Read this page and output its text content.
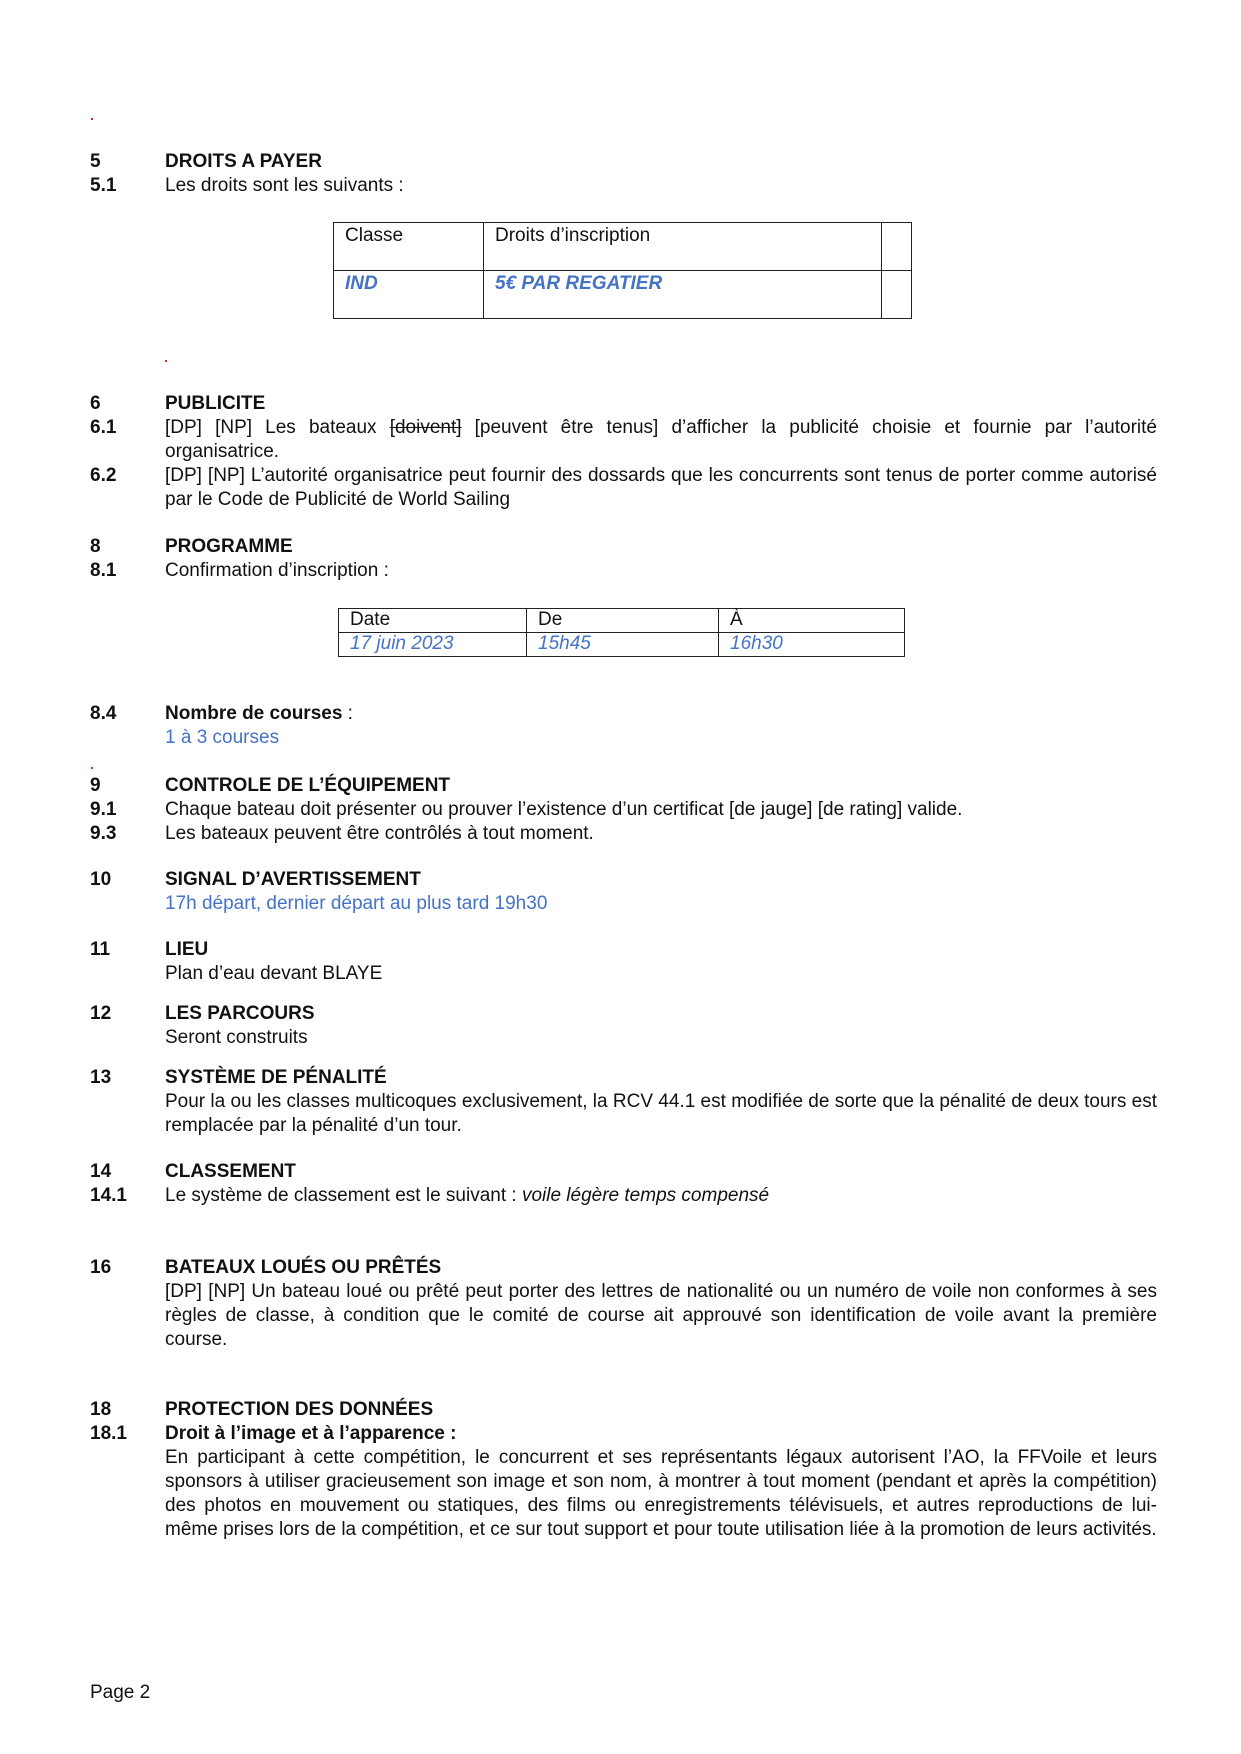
5	DROITS A PAYER
5.1	Les droits sont les suivants :
Classe	Droits d’inscription	
IND	5€ PAR REGATIER	
6	PUBLICITE
6.1	[DP] [NP] Les bateaux [doivent] [peuvent être tenus] d’afficher la publicité choisie et fournie par l’autorité organisatrice.
6.2	[DP] [NP] L’autorité organisatrice peut fournir des dossards que les concurrents sont tenus de porter comme autorisé par le Code de Publicité de World Sailing
8	PROGRAMME
8.1	Confirmation d’inscription :
Date	De	À
17 juin 2023	15h45	16h30
8.4	Nombre de courses :
1 à 3 courses
9	CONTROLE DE L’ÉQUIPEMENT
9.1	Chaque bateau doit présenter ou prouver l’existence d’un certificat [de jauge] [de rating] valide.
9.3	Les bateaux peuvent être contrôlés à tout moment.
10	SIGNAL D’AVERTISSEMENT
17h départ, dernier départ au plus tard 19h30
11	LIEU
Plan d’eau devant BLAYE
12	LES PARCOURS
Seront construits
13	SYSTÈME DE PÉNALITÉ
Pour la ou les classes multicoques exclusivement, la RCV 44.1 est modifiée de sorte que la pénalité de deux tours est remplacée par la pénalité d’un tour.
14	CLASSEMENT
14.1 Le système de classement est le suivant : voile légère temps compensé
16	BATEAUX LOUÉS OU PRÊTÉS
[DP] [NP] Un bateau loué ou prêté peut porter des lettres de nationalité ou un numéro de voile non conformes à ses règles de classe, à condition que le comité de course ait approuvé son identification de voile avant la première course.
18	PROTECTION DES DONNÉES
18.1 Droit à l’image et à l’apparence :
En participant à cette compétition, le concurrent et ses représentants légaux autorisent l’AO, la FFVoile et leurs sponsors à utiliser gracieusement son image et son nom, à montrer à tout moment (pendant et après la compétition) des photos en mouvement ou statiques, des films ou enregistrements télévisuels, et autres reproductions de lui-même prises lors de la compétition, et ce sur tout support et pour toute utilisation liée à la promotion de leurs activités.
Page 2
